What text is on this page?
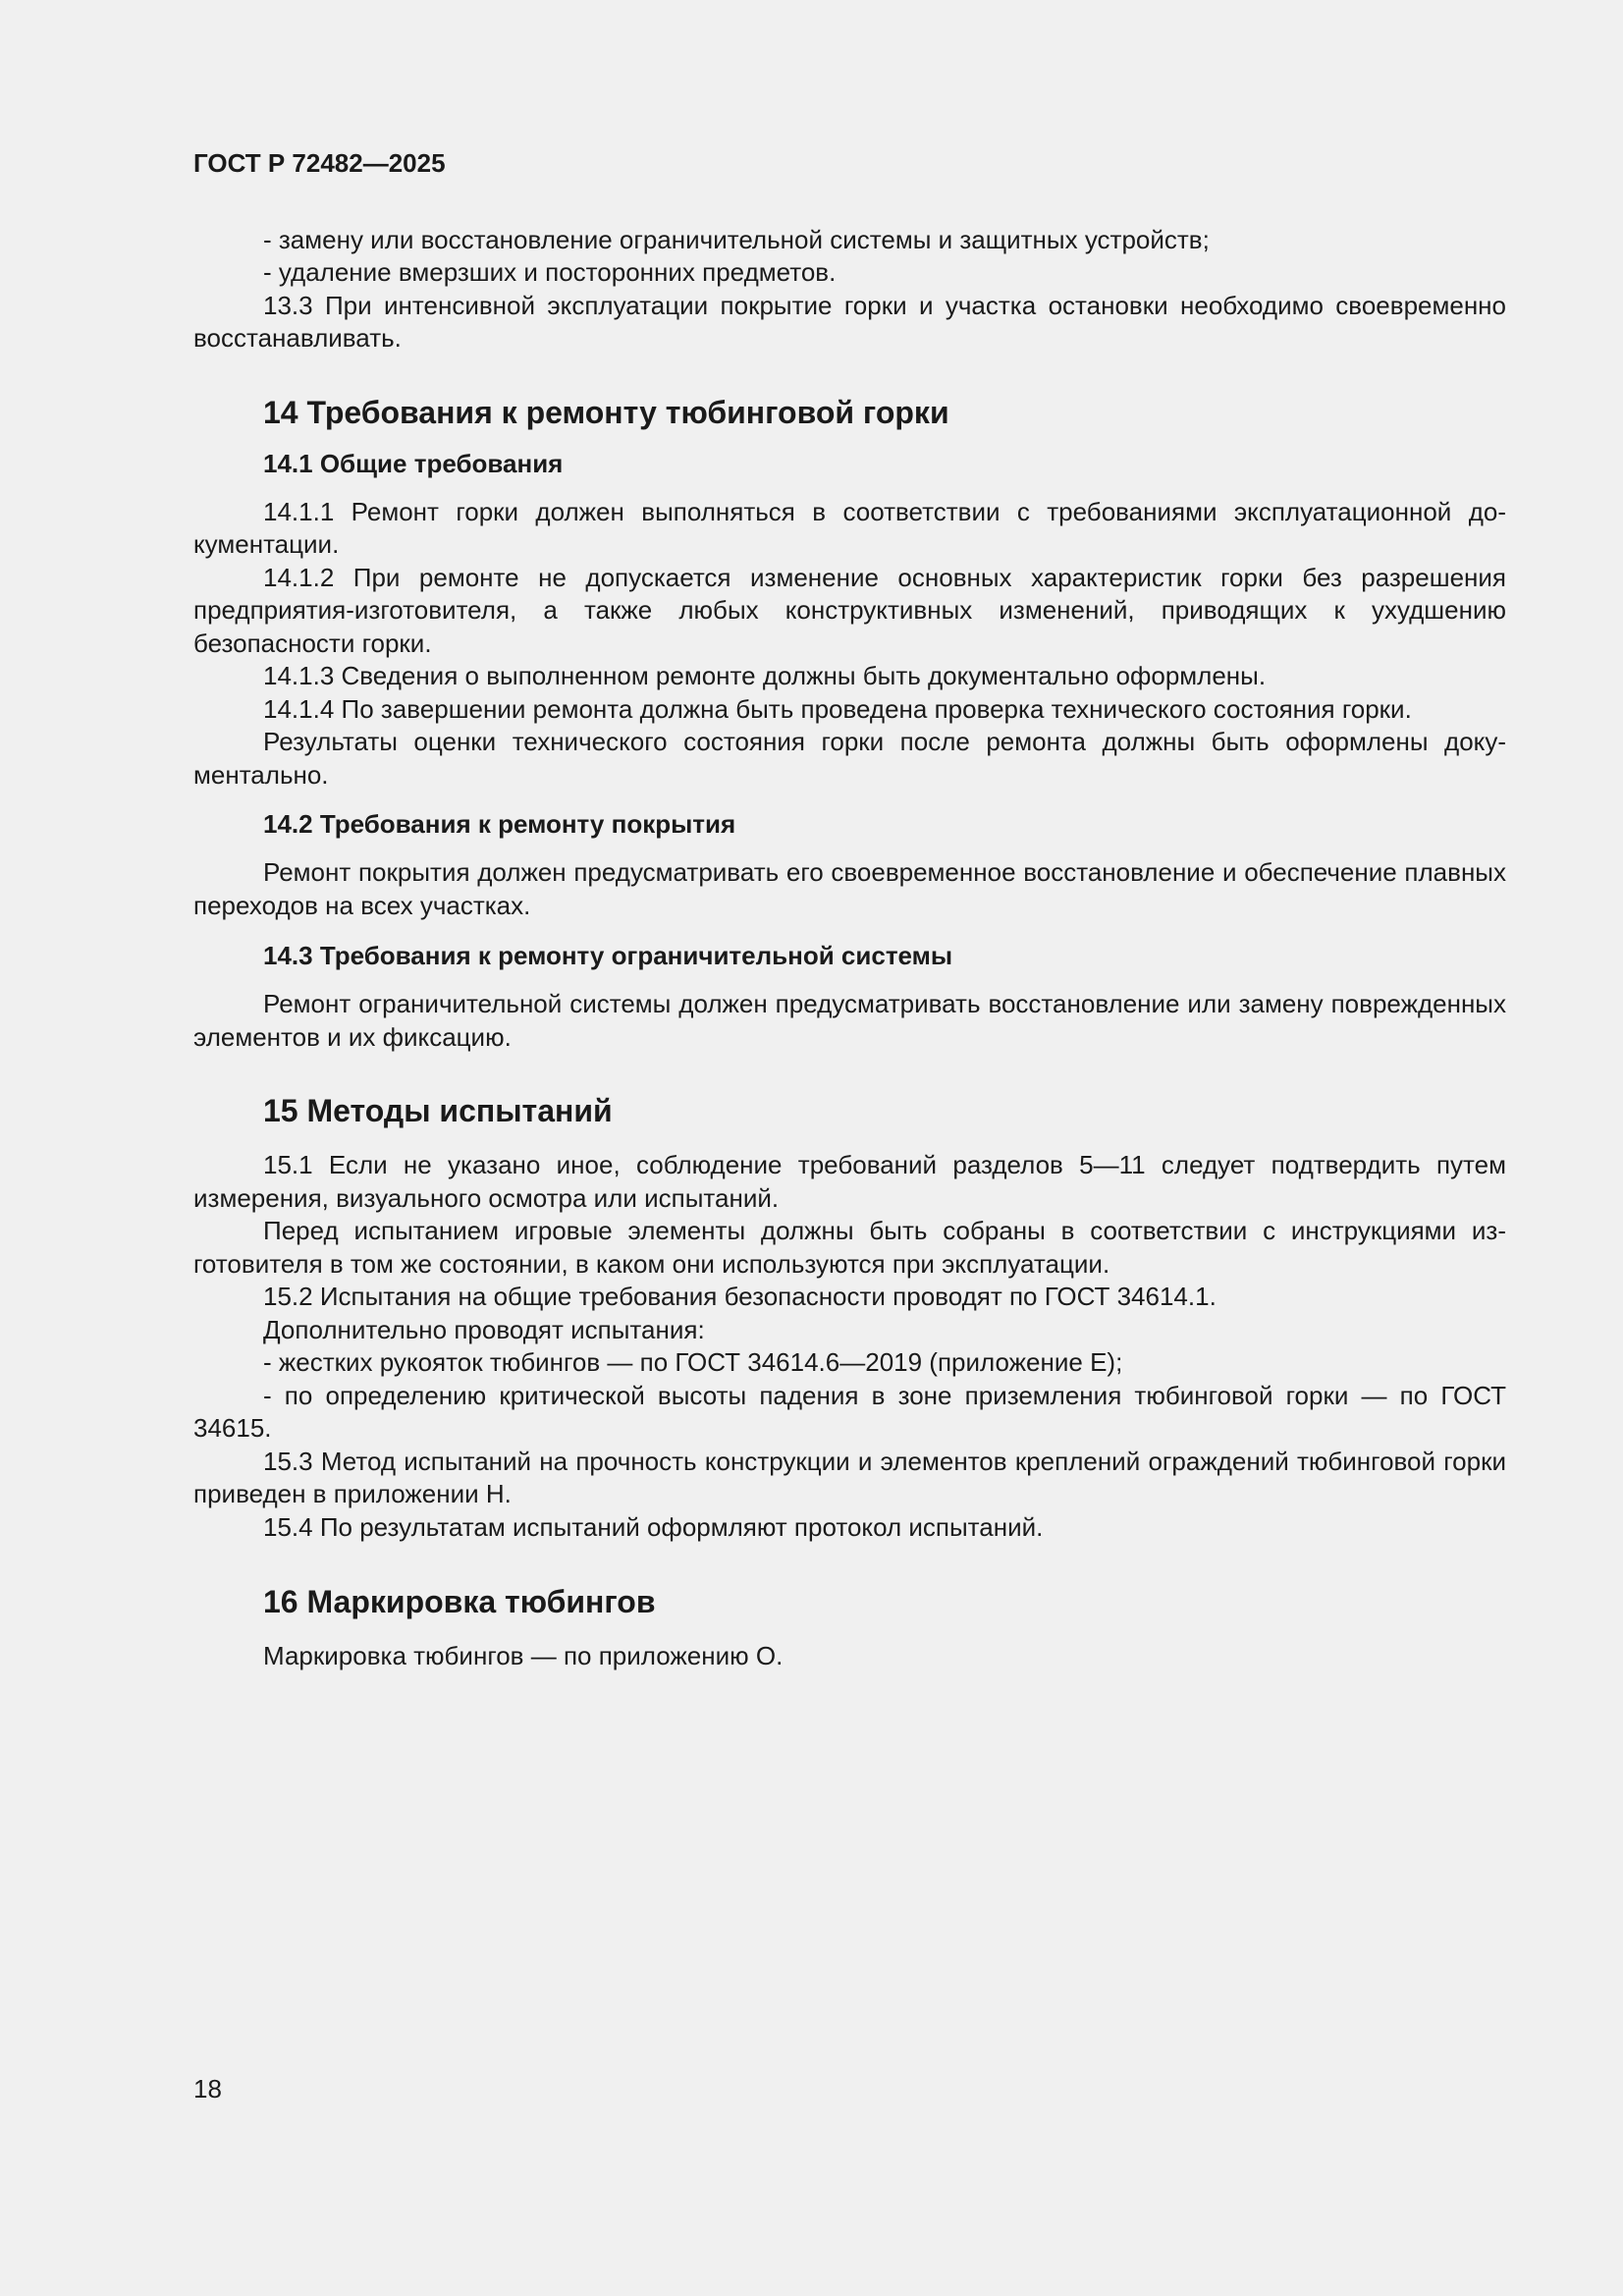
ГОСТ Р 72482—2025

- замену или восстановление ограничительной системы и защитных устройств;

- удаление вмерзших и посторонних предметов.

13.3 При интенсивной эксплуатации покрытие горки и участка остановки необходимо своевременно восстанавливать.

14 Требования к ремонту тюбинговой горки
14.1 Общие требования

14.1.1 Ремонт горки должен выполняться в соответствии с требованиями эксплуатационной документации.

14.1.2 При ремонте не допускается изменение основных характеристик горки без разрешения предприятия-изготовителя, а также любых конструктивных изменений, приводящих к ухудшению безопасности горки.

14.1.3 Сведения о выполненном ремонте должны быть документально оформлены.

14.1.4 По завершении ремонта должна быть проведена проверка технического состояния горки.

Результаты оценки технического состояния горки после ремонта должны быть оформлены документально.

14.2 Требования к ремонту покрытия

Ремонт покрытия должен предусматривать его своевременное восстановление и обеспечение плавных переходов на всех участках.

14.3 Требования к ремонту ограничительной системы

Ремонт ограничительной системы должен предусматривать восстановление или замену поврежденных элементов и их фиксацию.

15 Методы испытаний

15.1 Если не указано иное, соблюдение требований разделов 5—11 следует подтвердить путем измерения, визуального осмотра или испытаний.

Перед испытанием игровые элементы должны быть собраны в соответствии с инструкциями изготовителя в том же состоянии, в каком они используются при эксплуатации.

15.2 Испытания на общие требования безопасности проводят по ГОСТ 34614.1.

Дополнительно проводят испытания:

- жестких рукояток тюбингов — по ГОСТ 34614.6—2019 (приложение Е);

- по определению критической высоты падения в зоне приземления тюбинговой горки — по ГОСТ 34615.

15.3 Метод испытаний на прочность конструкции и элементов креплений ограждений тюбинговой горки приведен в приложении Н.

15.4 По результатам испытаний оформляют протокол испытаний.

16 Маркировка тюбингов

Маркировка тюбингов — по приложению О.

18
